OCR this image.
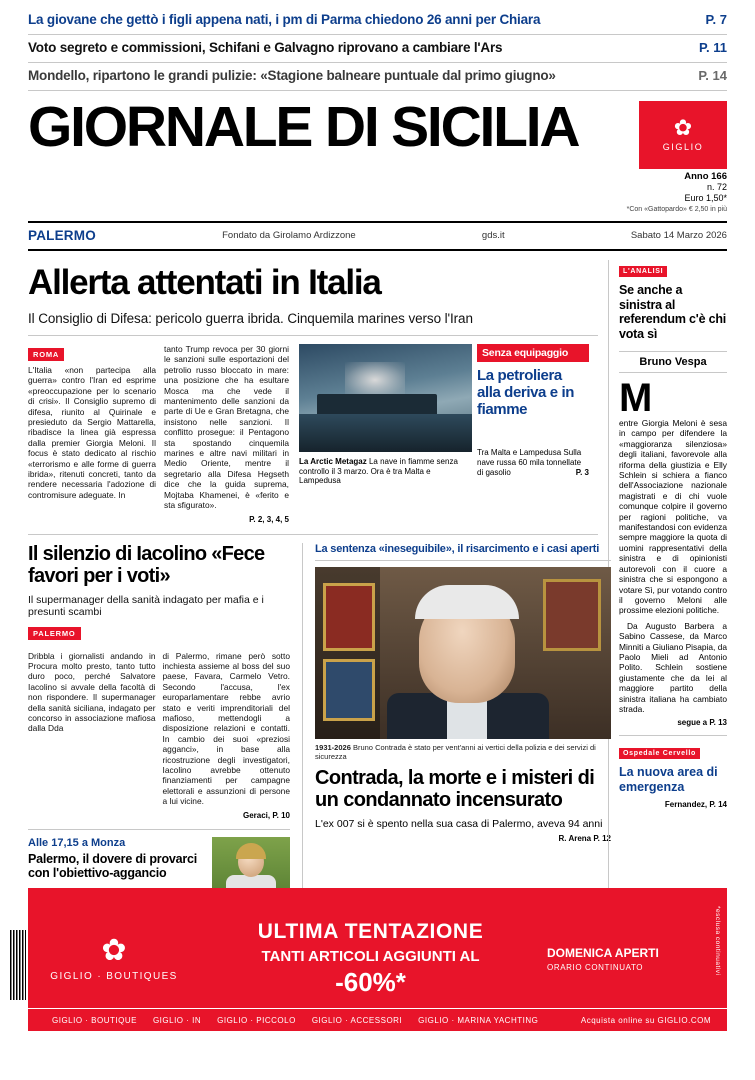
La giovane che gettò i figli appena nati, i pm di Parma chiedono 26 anni per Chiara	P. 7
Voto segreto e commissioni, Schifani e Galvagno riprovano a cambiare l'Ars	P. 11
Mondello, ripartono le grandi pulizie: «Stagione balneare puntuale dal primo giugno»	P. 14
GIORNALE DI SICILIA	✿
GIGLIO
Anno 166
n. 72
Euro 1,50*
*Con «Gattopardo» € 2,50 in più
PALERMO	Fondato da Girolamo Ardizzone	gds.it	Sabato 14 Marzo 2026
Allerta attentati in Italia
Il Consiglio di Difesa: pericolo guerra ibrida. Cinquemila marines verso l'Iran
ROMA
L'Italia «non partecipa alla guerra» contro l'Iran ed esprime «preoccupazione per lo scenario di crisi». Il Consiglio supremo di difesa, riunito al Quirinale e presieduto da Sergio Mattarella, ribadisce la linea già espressa dalla premier Giorgia Meloni. Il focus è stato dedicato al rischio «terrorismo e alle forme di guerra ibrida», ritenuti concreti, tanto da rendere necessaria l'adozione di contromisure adeguate. In
tanto Trump revoca per 30 giorni le sanzioni sulle esportazioni del petrolio russo bloccato in mare: una posizione che ha esultare Mosca ma che vede il mantenimento delle sanzioni da parte di Ue e Gran Bretagna, che insistono nelle sanzioni. Il conflitto prosegue: il Pentagono sta spostando cinquemila marines e altre navi militari in Medio Oriente, mentre il segretario alla Difesa Hegseth dice che la guida suprema, Mojtaba Khamenei, è «ferito e sta sfigurato».
P. 2, 3, 4, 5
La Arctic Metagaz La nave in fiamme senza controllo il 3 marzo. Ora è tra Malta e Lampedusa
Senza equipaggio
La petroliera alla deriva e in fiamme
Tra Malta e Lampedusa Sulla nave russa 60 mila tonnellate di gasolio	P. 3
Il silenzio di Iacolino «Fece favori per i voti»
Il supermanager della sanità indagato per mafia e i presunti scambi
PALERMO
Dribbla i giornalisti andando in Procura molto presto, tanto tutto duro poco, perché Salvatore Iacolino si avvale della facoltà di non rispondere. Il supermanager della sanità siciliana, indagato per concorso in associazione mafiosa dalla Dda
di Palermo, rimane però sotto inchiesta assieme al boss del suo paese, Favara, Carmelo Vetro. Secondo l'accusa, l'ex europarlamentare rebbe avrio stato e veriti imprenditoriali del mafioso, mettendogli a disposizione relazioni e contatti. In cambio dei suoi «preziosi agganci», in base alla ricostruzione degli investigatori, Iacolino avrebbe ottenuto finanziamenti per campagne elettorali e assunzioni di persone a lui vicine.
Geraci, P. 10
Alle 17,15 a Monza
Palermo, il dovere di provarci con l'obiettivo-aggancio
La sentenza «ineseguibile», il risarcimento e i casi aperti
1931-2026 Bruno Contrada è stato per vent'anni ai vertici della polizia e dei servizi di sicurezza
Contrada, la morte e i misteri di un condannato incensurato
L'ex 007 si è spento nella sua casa di Palermo, aveva 94 anni
R. Arena P. 12
L'ANALISI
Se anche a sinistra al referendum c'è chi vota sì
Bruno Vespa
M
entre Giorgia Meloni è sesa in campo per difendere la «maggioranza silenziosa» degli italiani, favorevole alla riforma della giustizia e Elly Schlein si schiera a fianco dell'Associazione nazionale magistrati e di chi vuole comunque colpire il governo per ragioni politiche, va manifestandosi con evidenza sempre maggiore la quota di uomini rappresentativi della sinistra e di opinionisti autorevoli con il cuore a sinistra che si espongono a votare Sì, pur votando contro il governo Meloni alle prossime elezioni politiche.
Da Augusto Barbera a Sabino Cassese, da Marco Minniti a Giuliano Pisapia, da Paolo Mieli ad Antonio Polito. Schlein sostiene giustamente che da lei al maggiore partito della sinistra italiana ha cambiato strada.
segue a P. 13
Ospedale Cervello
La nuova area di emergenza
Fernandez, P. 14
✿
GIGLIO · BOUTIQUES
ULTIMA TENTAZIONE
TANTI ARTICOLI AGGIUNTI AL
-60%*
DOMENICA APERTI
ORARIO CONTINUATO	*esclusa continuativi
GIGLIO · BOUTIQUE GIGLIO · IN GIGLIO · PICCOLO GIGLIO · ACCESSORI GIGLIO · MARINA YACHTING	Acquista online su GIGLIO.COM
